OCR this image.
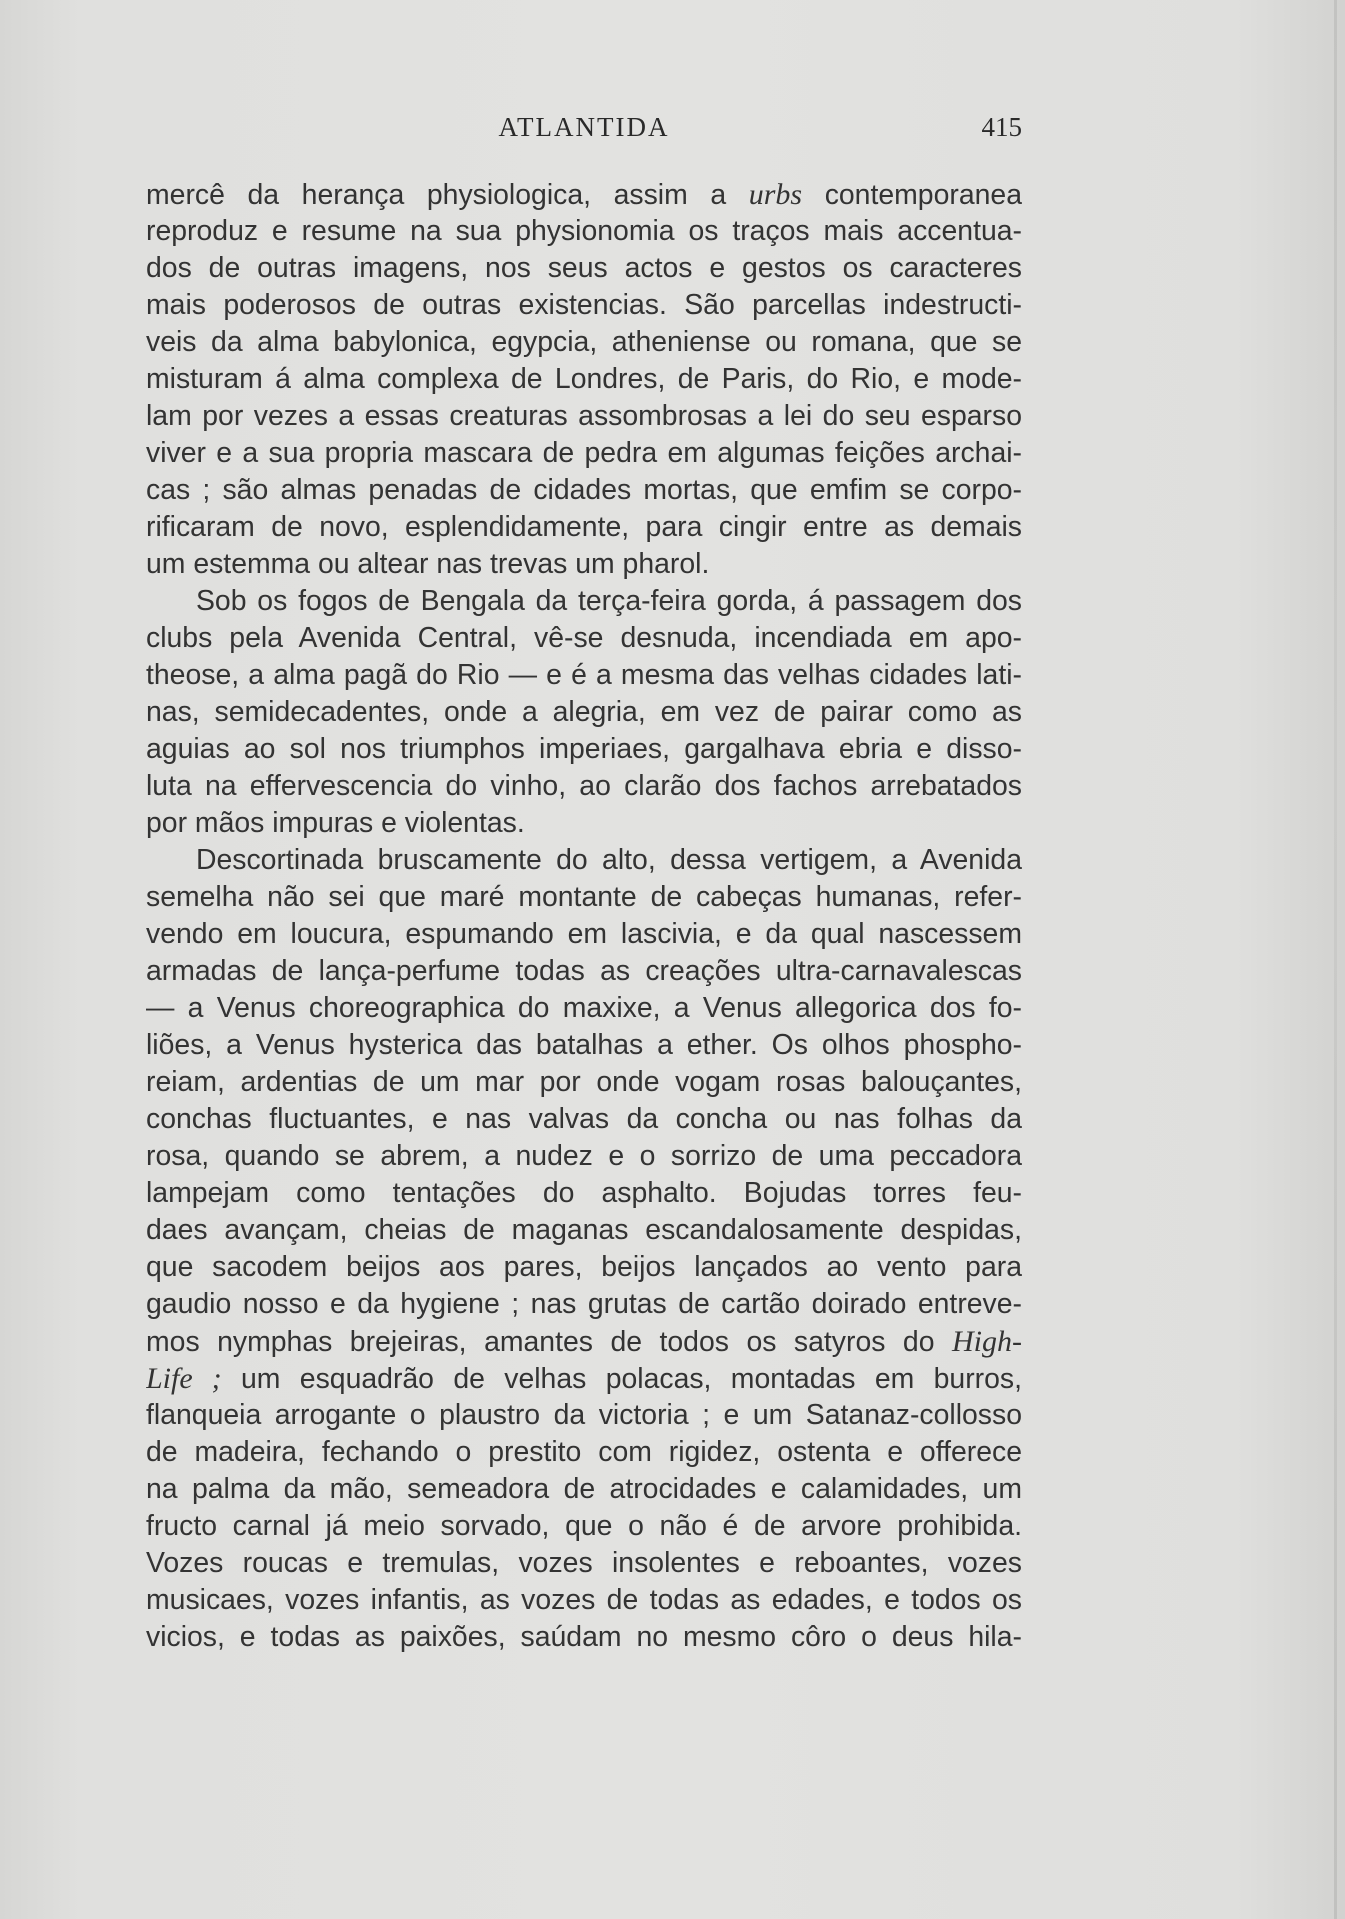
ATLANTIDA	415
mercê da herança physiologica, assim a urbs contemporanea
reproduz e resume na sua physionomia os traços mais accentua-
dos de outras imagens, nos seus actos e gestos os caracteres
mais poderosos de outras existencias. São parcellas indestructi-
veis da alma babylonica, egypcia, atheniense ou romana, que se
misturam á alma complexa de Londres, de Paris, do Rio, e mode-
lam por vezes a essas creaturas assombrosas a lei do seu esparso
viver e a sua propria mascara de pedra em algumas feições archai-
cas ; são almas penadas de cidades mortas, que emfim se corpo-
rificaram de novo, esplendidamente, para cingir entre as demais
um estemma ou altear nas trevas um pharol.
Sob os fogos de Bengala da terça-feira gorda, á passagem dos
clubs pela Avenida Central, vê-se desnuda, incendiada em apo-
theose, a alma pagã do Rio — e é a mesma das velhas cidades lati-
nas, semidecadentes, onde a alegria, em vez de pairar como as
aguias ao sol nos triumphos imperiaes, gargalhava ebria e disso-
luta na effervescencia do vinho, ao clarão dos fachos arrebatados
por mãos impuras e violentas.
Descortinada bruscamente do alto, dessa vertigem, a Avenida
semelha não sei que maré montante de cabeças humanas, refer-
vendo em loucura, espumando em lascivia, e da qual nascessem
armadas de lança-perfume todas as creações ultra-carnavalescas
— a Venus choreographica do maxixe, a Venus allegorica dos fo-
liões, a Venus hysterica das batalhas a ether. Os olhos phospho-
reiam, ardentias de um mar por onde vogam rosas balouçantes,
conchas fluctuantes, e nas valvas da concha ou nas folhas da
rosa, quando se abrem, a nudez e o sorrizo de uma peccadora
lampejam como tentações do asphalto. Bojudas torres feu-
daes avançam, cheias de maganas escandalosamente despidas,
que sacodem beijos aos pares, beijos lançados ao vento para
gaudio nosso e da hygiene ; nas grutas de cartão doirado entreve-
mos nymphas brejeiras, amantes de todos os satyros do High-
Life ; um esquadrão de velhas polacas, montadas em burros,
flanqueia arrogante o plaustro da victoria ; e um Satanaz-collosso
de madeira, fechando o prestito com rigidez, ostenta e offerece
na palma da mão, semeadora de atrocidades e calamidades, um
fructo carnal já meio sorvado, que o não é de arvore prohibida.
Vozes roucas e tremulas, vozes insolentes e reboantes, vozes
musicaes, vozes infantis, as vozes de todas as edades, e todos os
vicios, e todas as paixões, saúdam no mesmo côro o deus hila-
